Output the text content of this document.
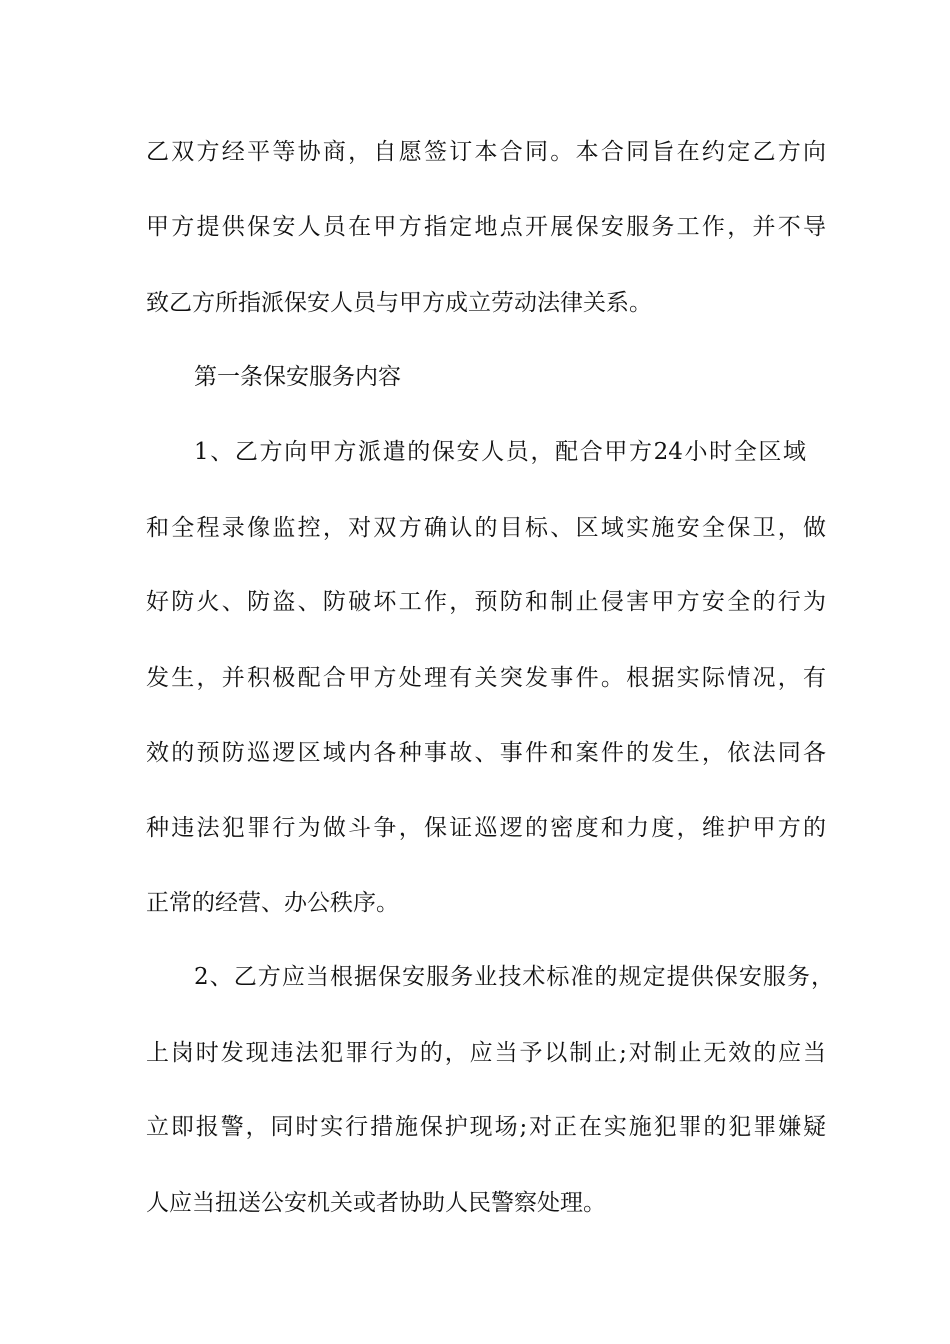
乙双方经平等协商，自愿签订本合同。本合同旨在约定乙方向
甲方提供保安人员在甲方指定地点开展保安服务工作，并不导
致乙方所指派保安人员与甲方成立劳动法律关系。
第一条保安服务内容
1、乙方向甲方派遣的保安人员，配合甲方24小时全区域
和全程录像监控，对双方确认的目标、区域实施安全保卫，做
好防火、防盗、防破坏工作，预防和制止侵害甲方安全的行为
发生，并积极配合甲方处理有关突发事件。根据实际情况，有
效的预防巡逻区域内各种事故、事件和案件的发生，依法同各
种违法犯罪行为做斗争，保证巡逻的密度和力度，维护甲方的
正常的经营、办公秩序。
2、乙方应当根据保安服务业技术标准的规定提供保安服务，
上岗时发现违法犯罪行为的，应当予以制止;对制止无效的应当
立即报警，同时实行措施保护现场;对正在实施犯罪的犯罪嫌疑
人应当扭送公安机关或者协助人民警察处理。
